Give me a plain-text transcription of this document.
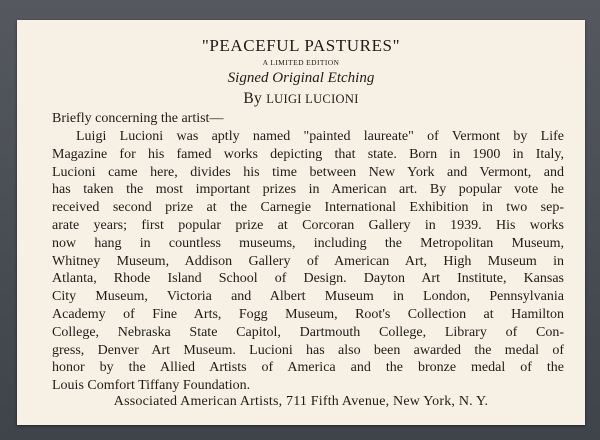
"PEACEFUL PASTURES"
A LIMITED EDITION
Signed Original Etching
By LUIGI LUCIONI
Briefly concerning the artist—
Luigi Lucioni was aptly named "painted laureate" of Vermont by Life
Magazine for his famed works depicting that state. Born in 1900 in Italy,
Lucioni came here, divides his time between New York and Vermont, and
has taken the most important prizes in American art. By popular vote he
received second prize at the Carnegie International Exhibition in two sep-
arate years; first popular prize at Corcoran Gallery in 1939. His works
now hang in countless museums, including the Metropolitan Museum,
Whitney Museum, Addison Gallery of American Art, High Museum in
Atlanta, Rhode Island School of Design. Dayton Art Institute, Kansas
City Museum, Victoria and Albert Museum in London, Pennsylvania
Academy of Fine Arts, Fogg Museum, Root's Collection at Hamilton
College, Nebraska State Capitol, Dartmouth College, Library of Con-
gress, Denver Art Museum. Lucioni has also been awarded the medal of
honor by the Allied Artists of America and the bronze medal of the
Louis Comfort Tiffany Foundation.
Associated American Artists, 711 Fifth Avenue, New York, N. Y.
